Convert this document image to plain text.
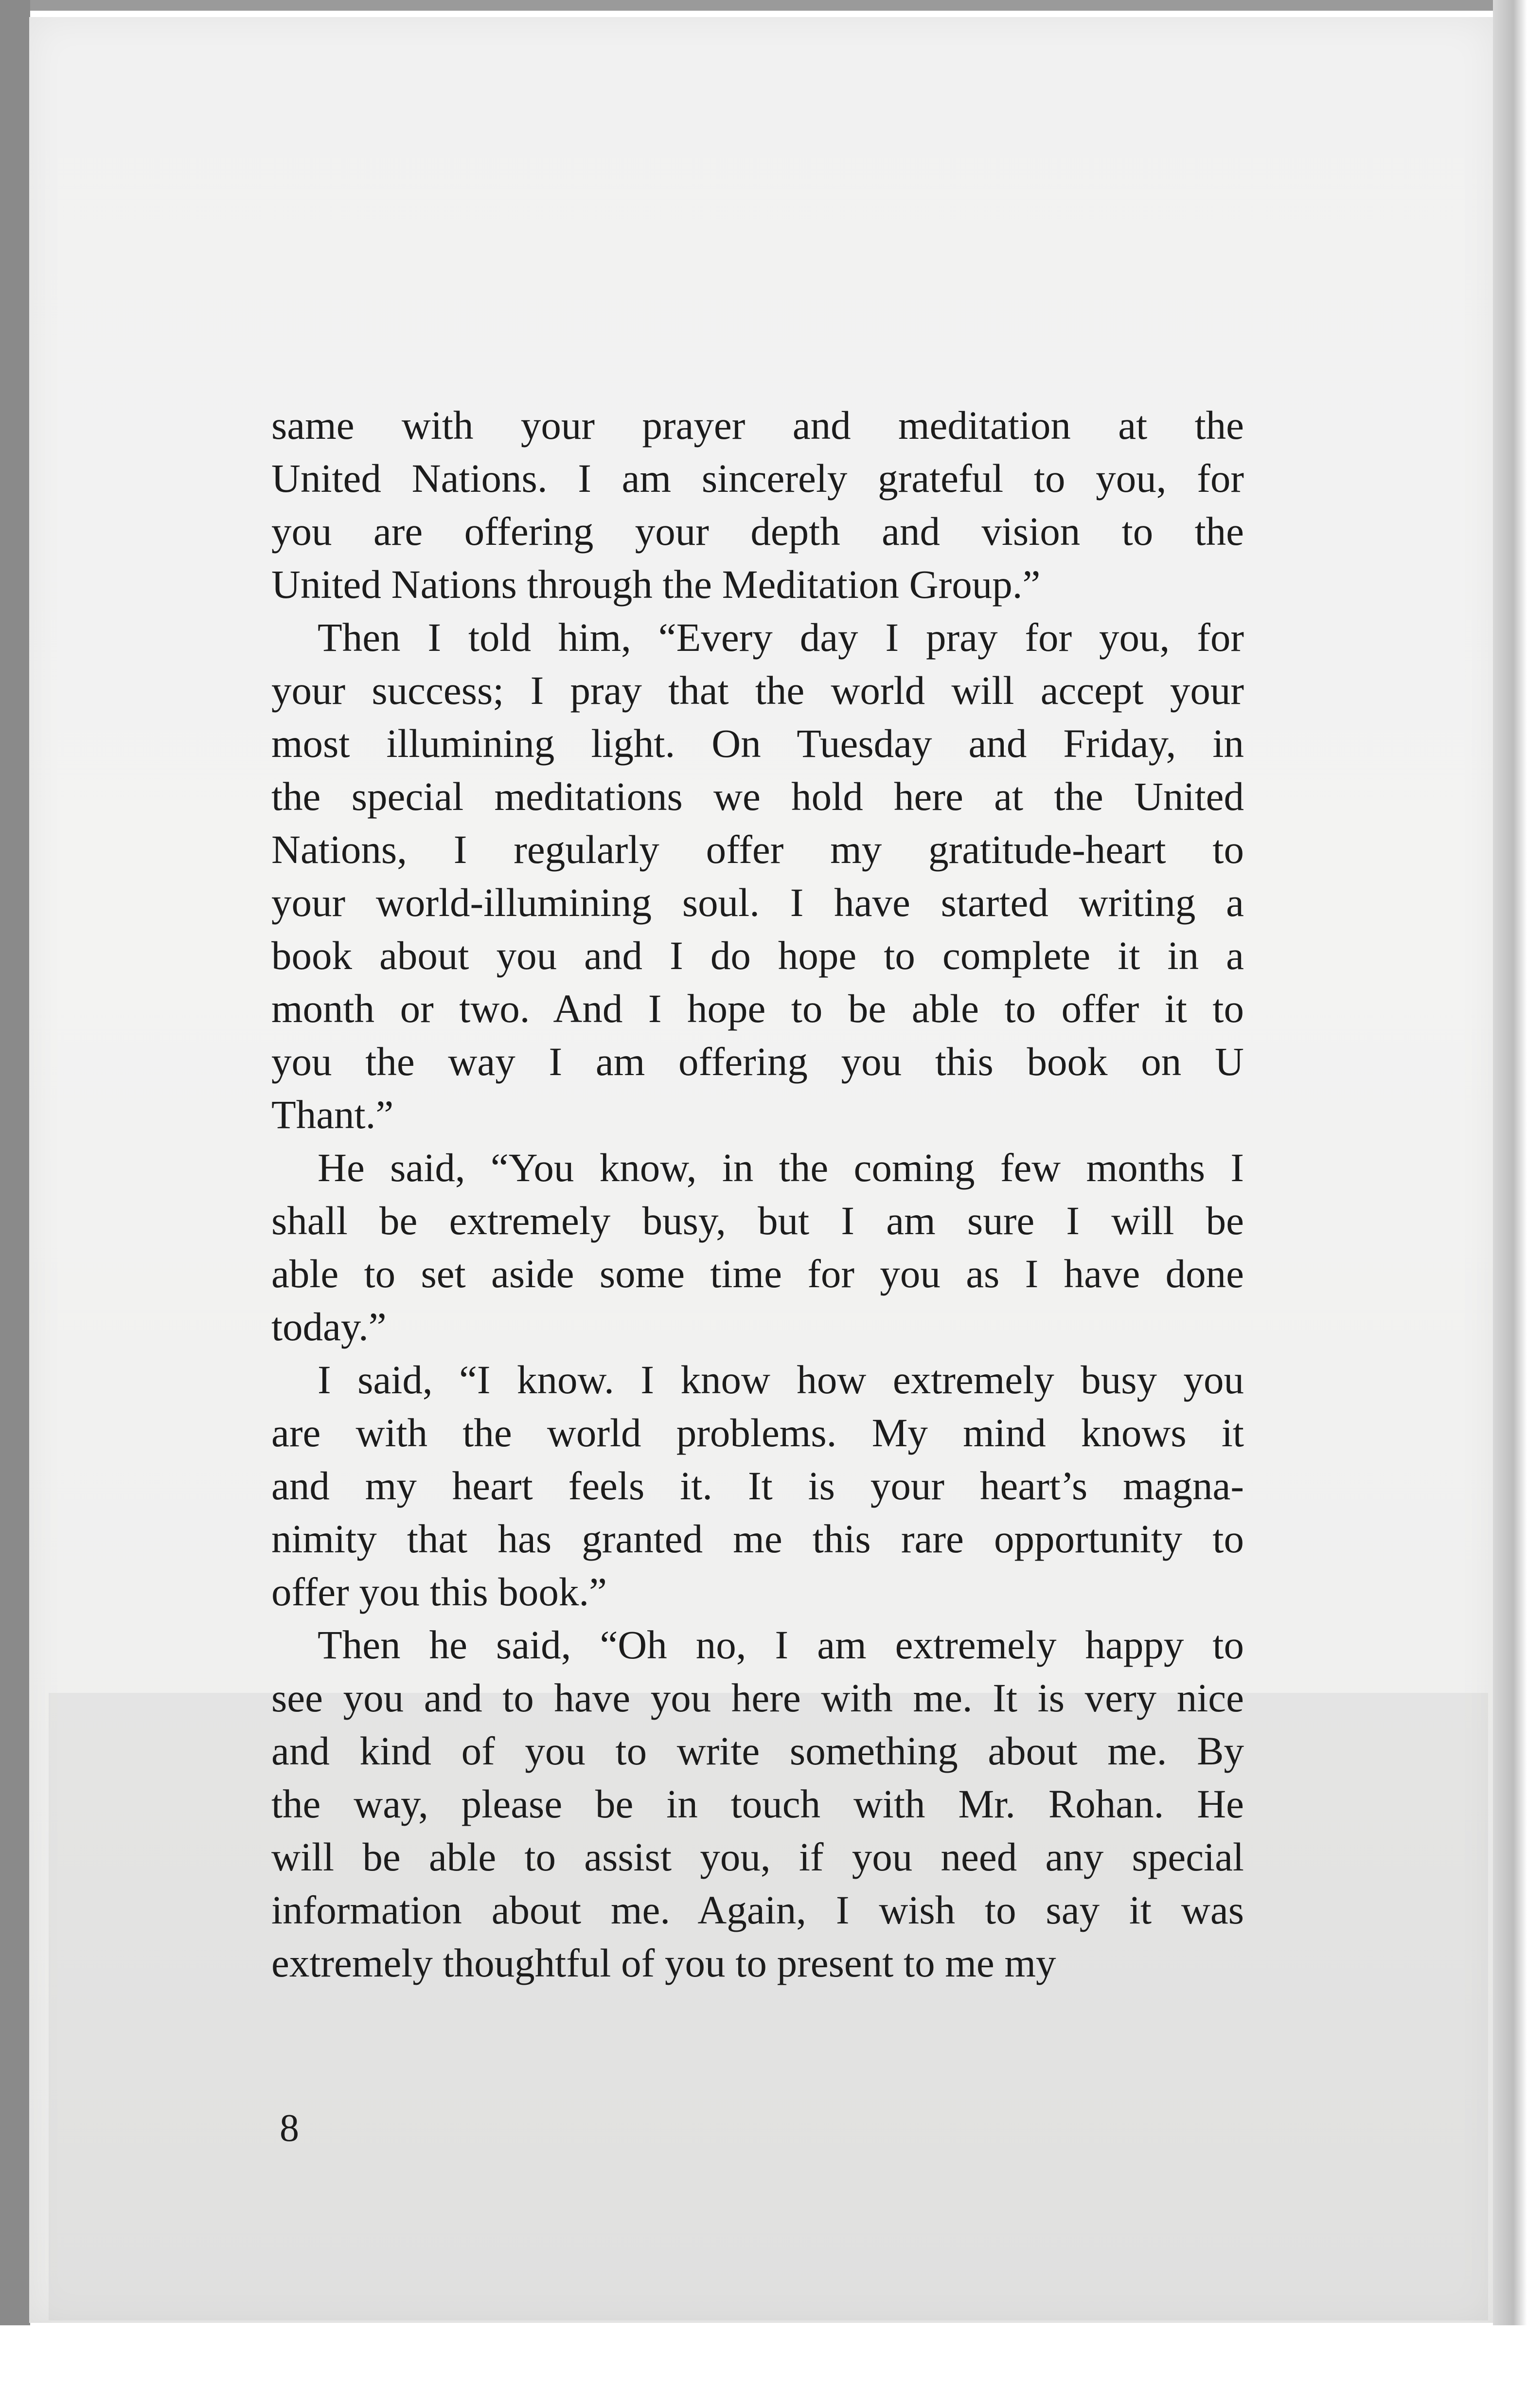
same with your prayer and meditation at the
United Nations. I am sincerely grateful to you, for
you are offering your depth and vision to the
United Nations through the Meditation Group.”

Then I told him, “Every day I pray for you, for
your success; I pray that the world will accept your
most illumining light. On Tuesday and Friday, in
the special meditations we hold here at the United
Nations, I regularly offer my gratitude-heart to
your world-illumining soul. I have started writing a
book about you and I do hope to complete it in a
month or two. And I hope to be able to offer it to
you the way I am offering you this book on U
Thant.”

He said, “You know, in the coming few months I
shall be extremely busy, but I am sure I will be
able to set aside some time for you as I have done
today.”

I said, “I know. I know how extremely busy you
are with the world problems. My mind knows it
and my heart feels it. It is your heart’s magna-
nimity that has granted me this rare opportunity to
offer you this book.”

Then he said, “Oh no, I am extremely happy to
see you and to have you here with me. It is very nice
and kind of you to write something about me. By
the way, please be in touch with Mr. Rohan. He
will be able to assist you, if you need any special
information about me. Again, I wish to say it was
extremely thoughtful of you to present to me my

8
